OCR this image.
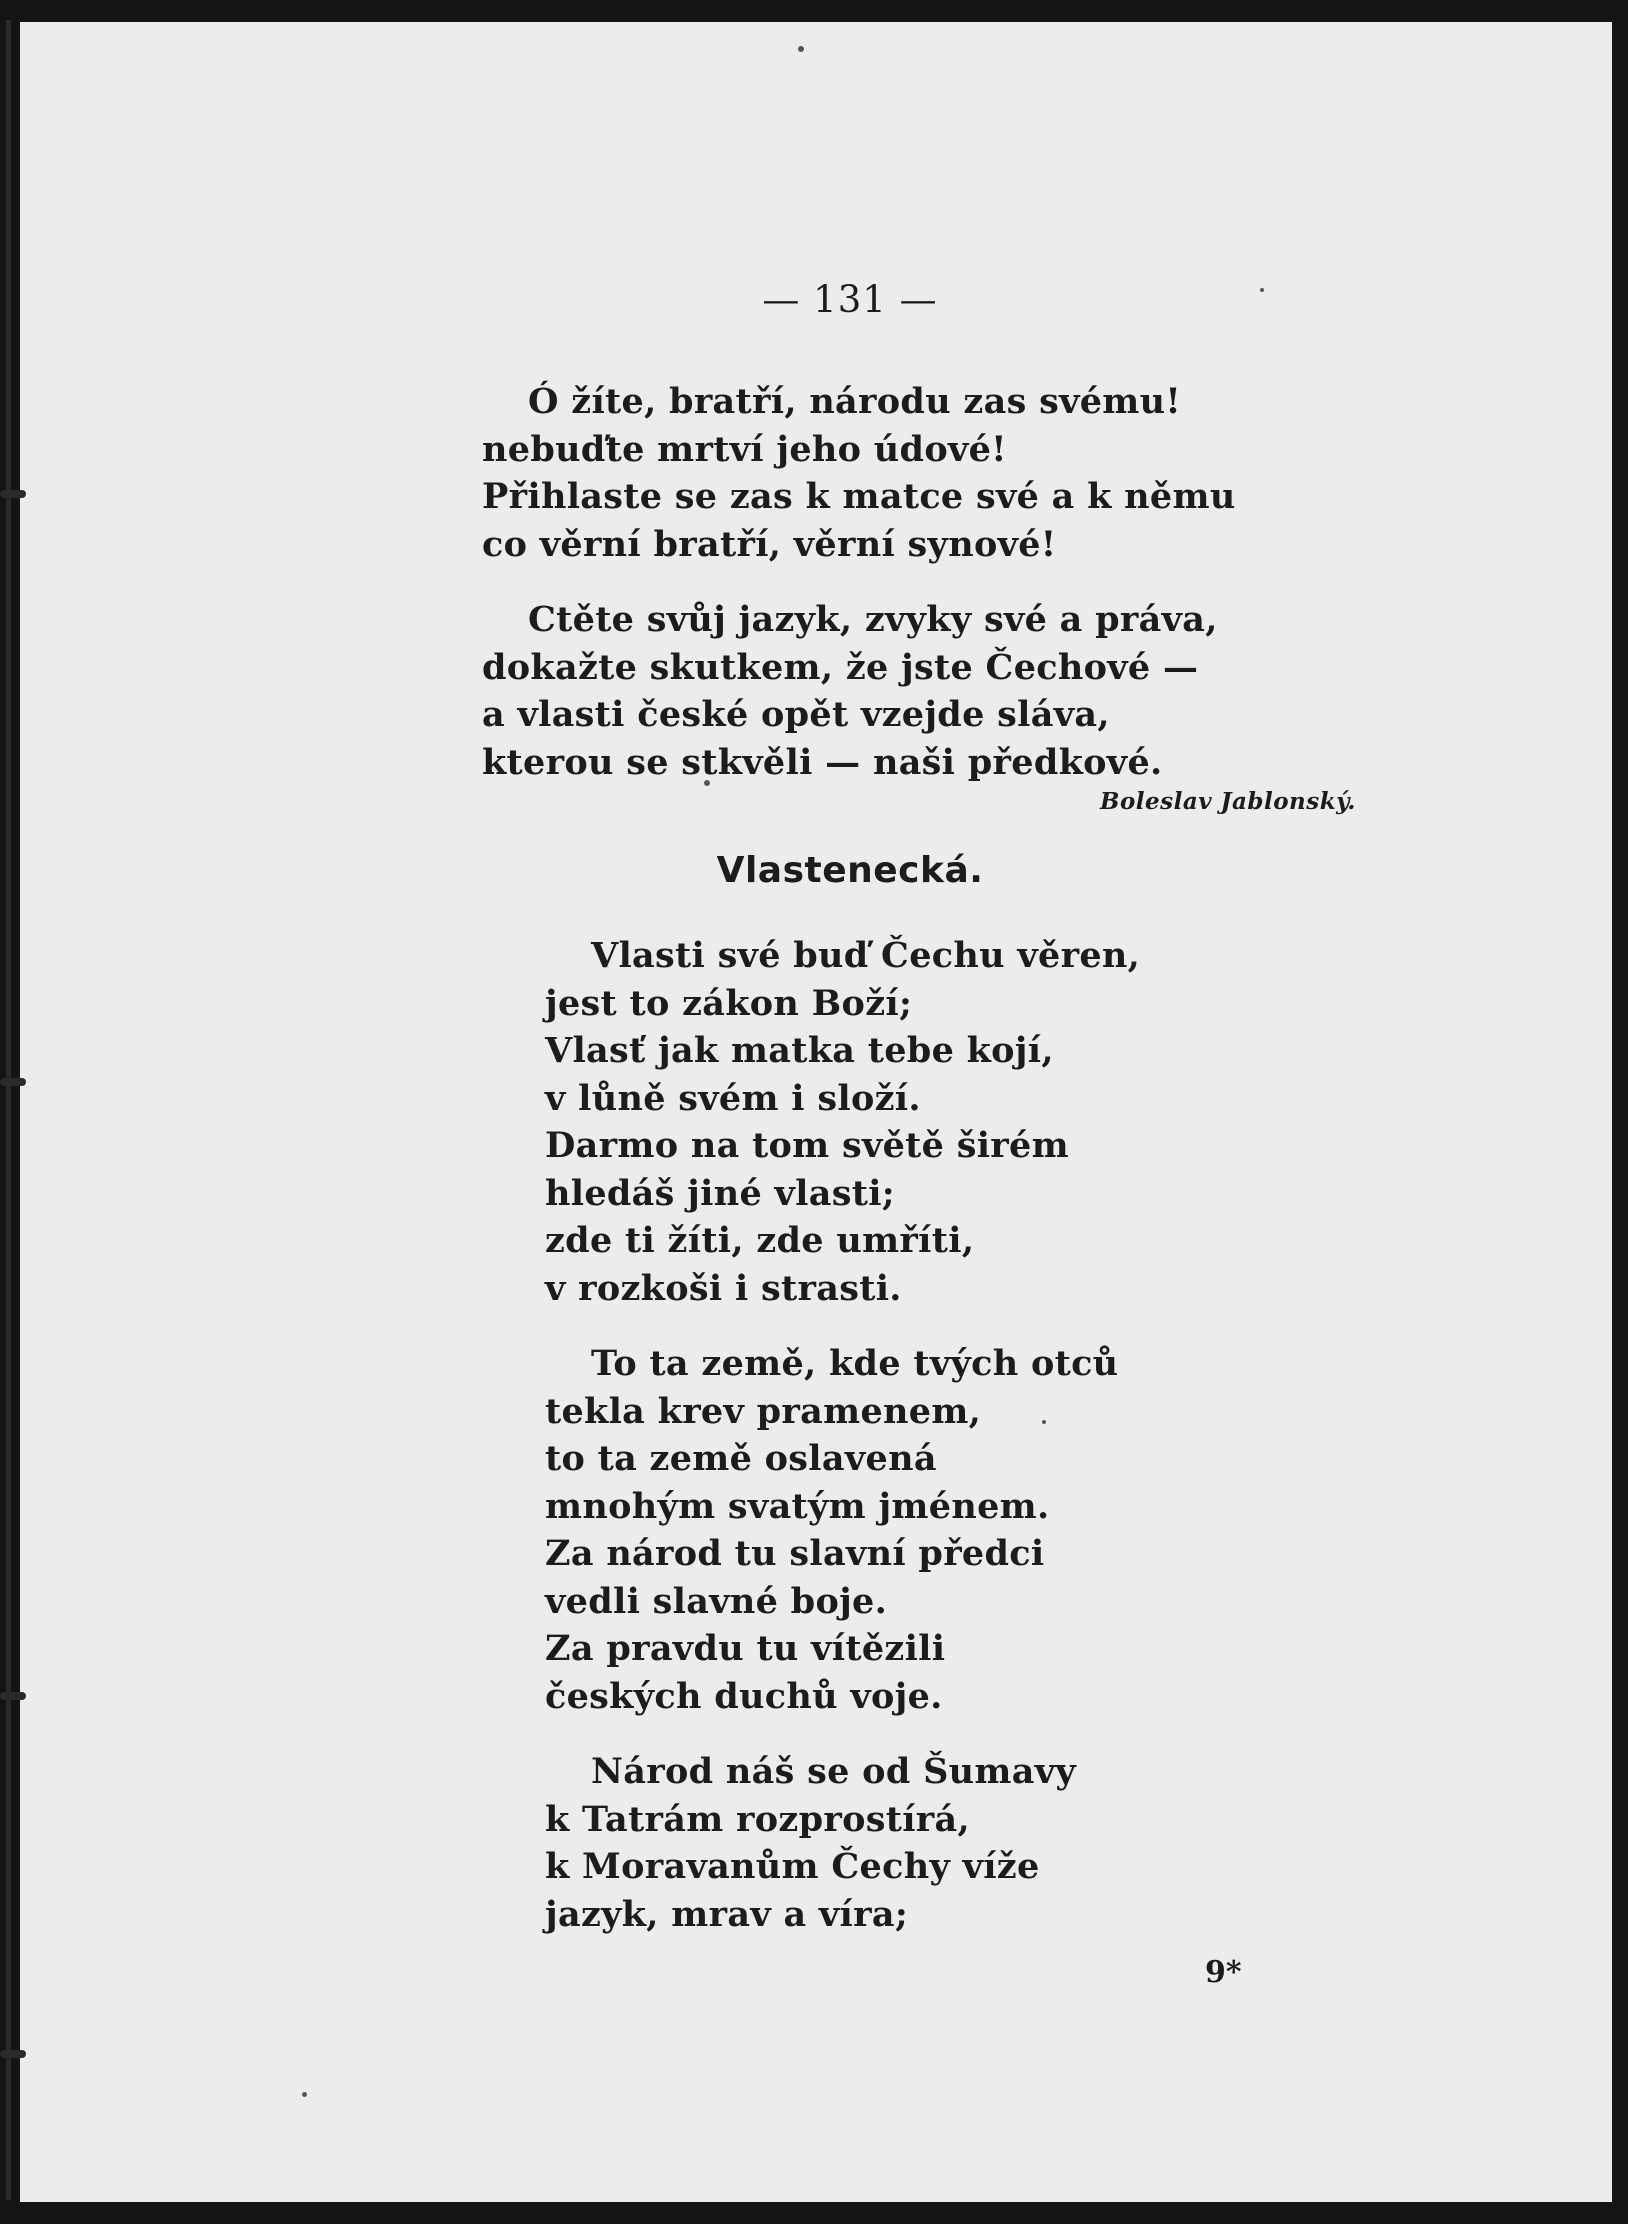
— 131 —
Ó žíte, bratří, národu zas svému!
nebuďte mrtví jeho údové!
Přihlaste se zas k matce své a k němu
co věrní bratří, věrní synové!
Ctěte svůj jazyk, zvyky své a práva,
dokažte skutkem, že jste Čechové —
a vlasti české opět vzejde sláva,
kterou se stkvěli — naši předkové.
Boleslav Jablonský.
Vlastenecká.
Vlasti své buď Čechu věren,
jest to zákon Boží;
Vlasť jak matka tebe kojí,
v lůně svém i složí.
Darmo na tom světě širém
hledáš jiné vlasti;
zde ti žíti, zde umříti,
v rozkoši i strasti.
To ta země, kde tvých otců
tekla krev pramenem,
to ta země oslavená
mnohým svatým jménem.
Za národ tu slavní předci
vedli slavné boje.
Za pravdu tu vítězili
českých duchů voje.
Národ náš se od Šumavy
k Tatrám rozprostírá,
k Moravanům Čechy víže
jazyk, mrav a víra;
9*
